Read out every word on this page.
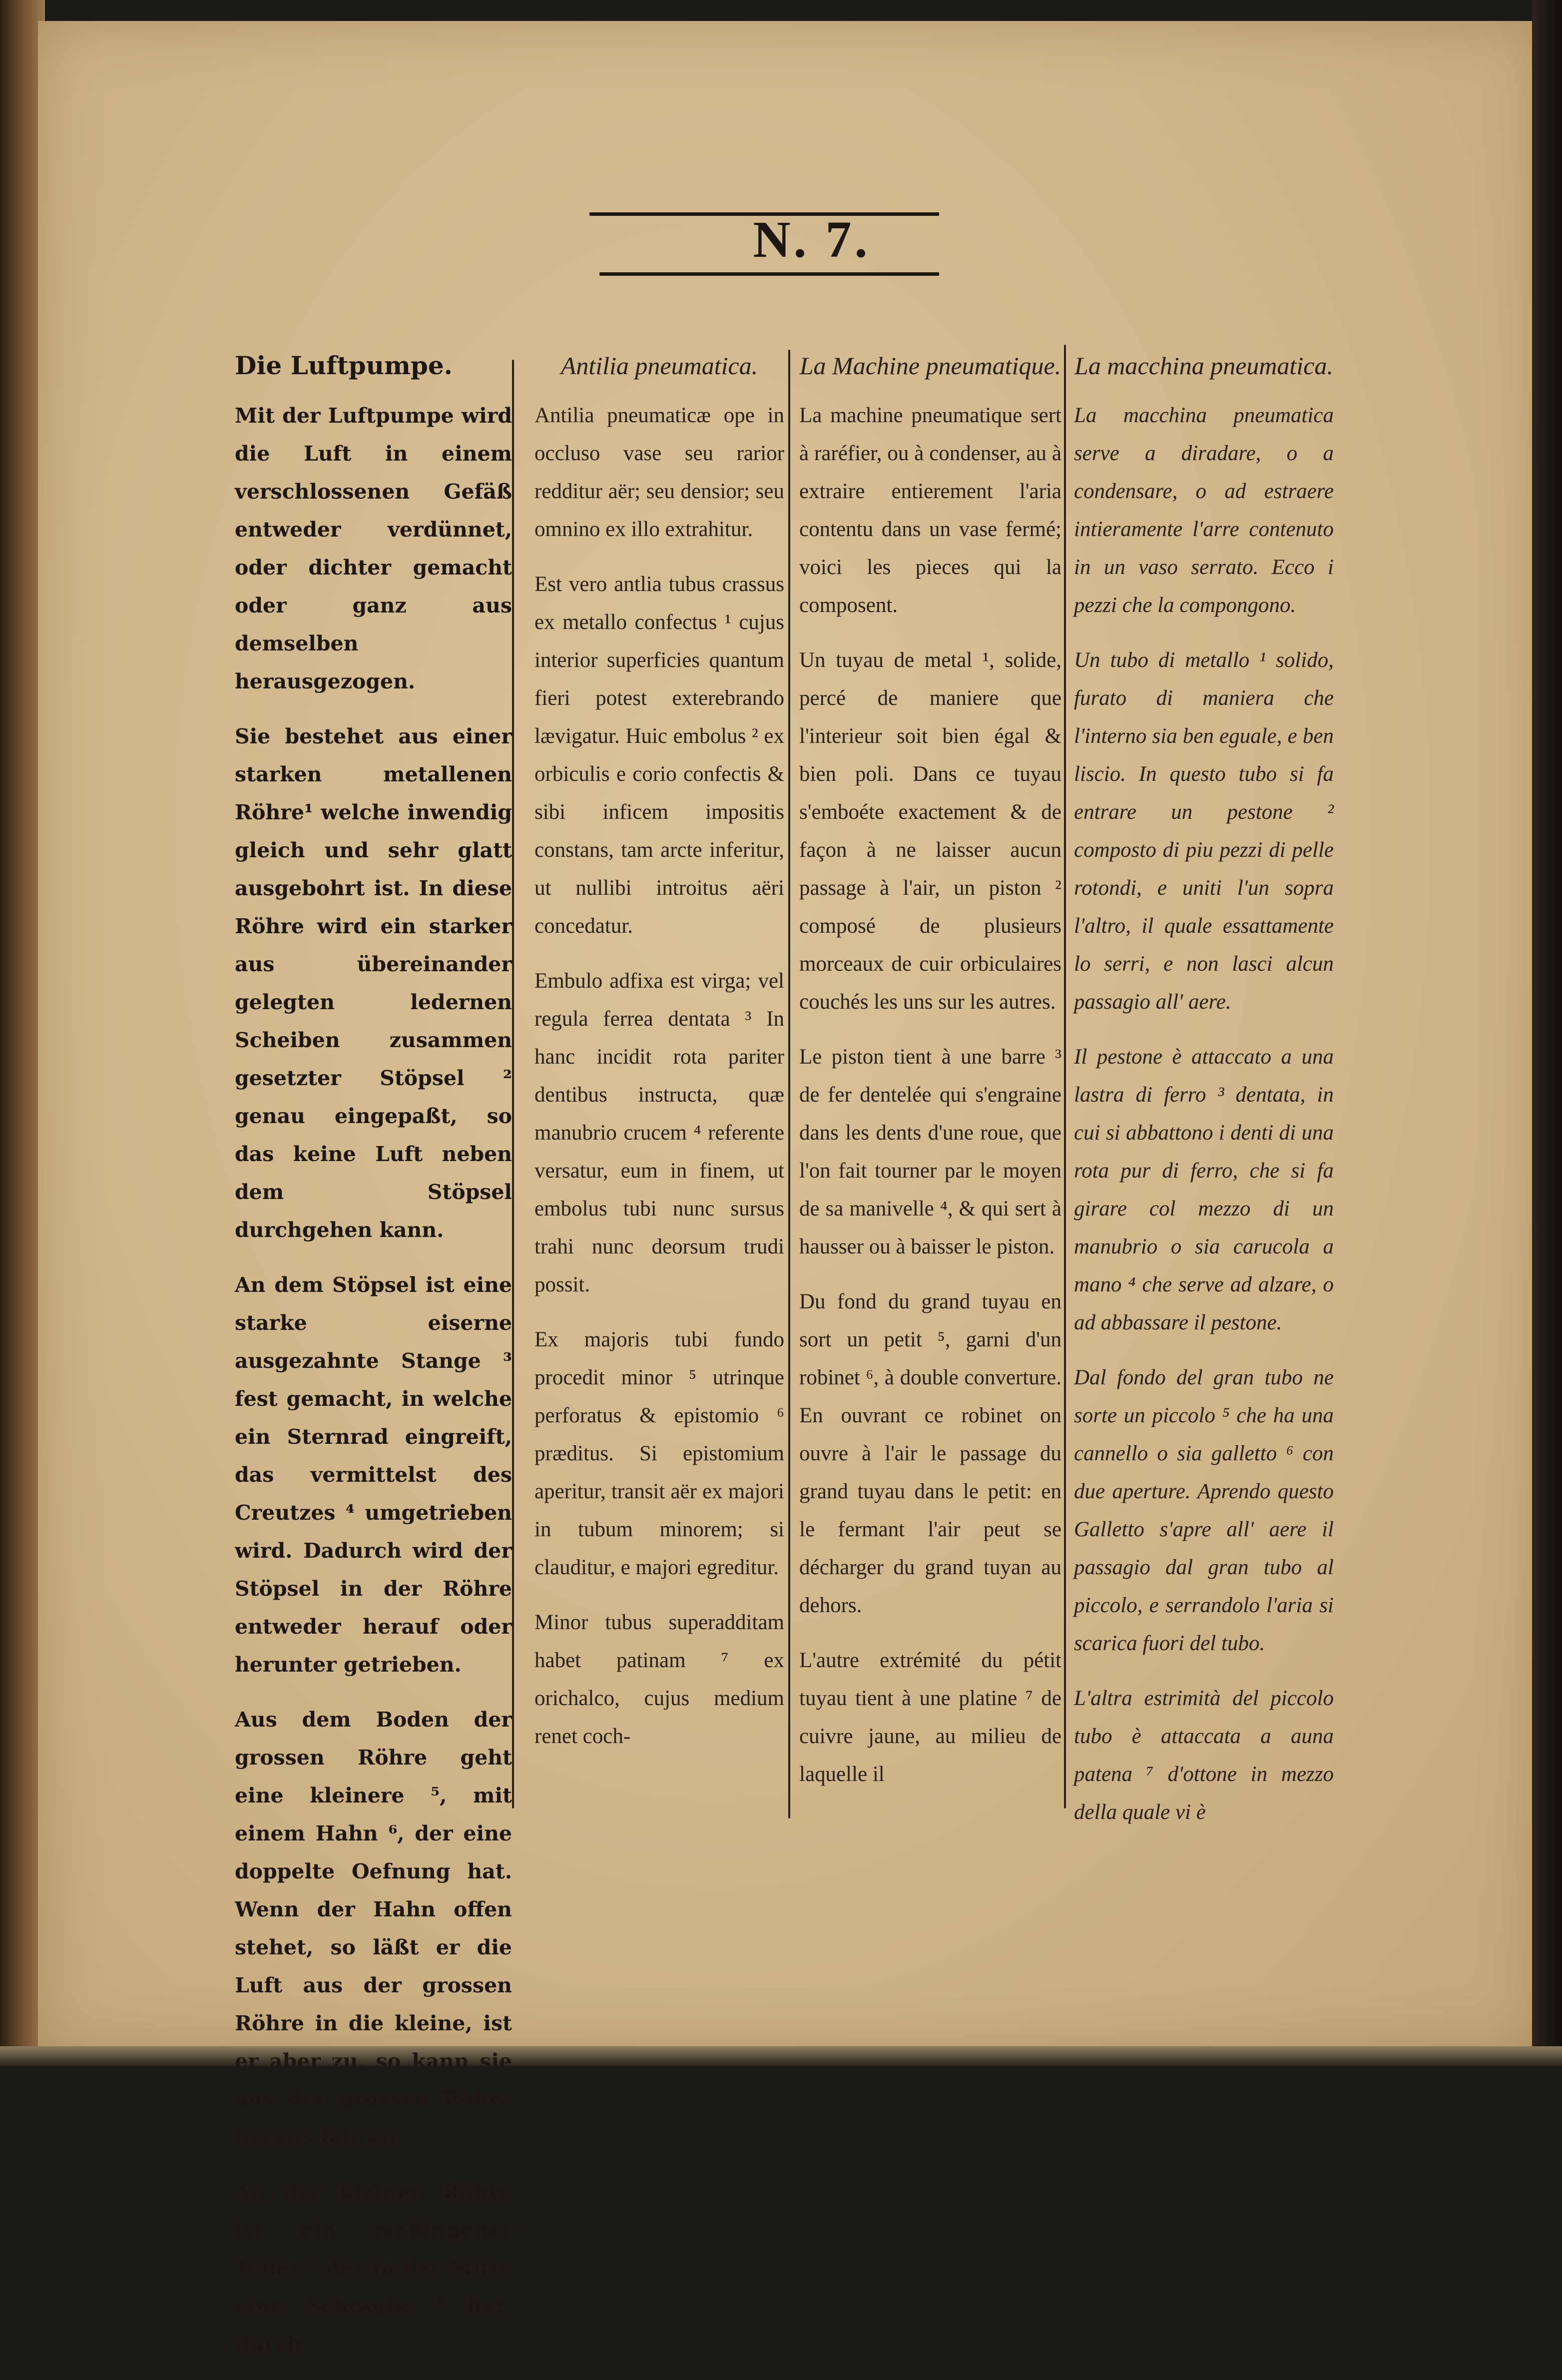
N. 7.
Die Luftpumpe.

Mit der Luftpumpe wird die Luft in einem verschlossenen Gefäß entweder verdünnet, oder dichter gemacht oder ganz aus demselben herausgezogen.

Sie bestehet aus einer starken metallenen Röhre¹ welche inwendig gleich und sehr glatt ausgebohrt ist. In diese Röhre wird ein starker aus übereinander gelegten ledernen Scheiben zusammen gesetzter Stöpsel ² genau eingepaßt, so das keine Luft neben dem Stöpsel durchgehen kann.

An dem Stöpsel ist eine starke eiserne ausgezahnte Stange ³ fest gemacht, in welche ein Sternrad eingreift, das vermittelst des Creutzes ⁴ umgetrieben wird. Dadurch wird der Stöpsel in der Röhre entweder herauf oder herunter getrieben.

Aus dem Boden der grossen Röhre geht eine kleinere ⁵, mit einem Hahn ⁶, der eine doppelte Oefnung hat. Wenn der Hahn offen stehet, so läßt er die Luft aus der grossen Röhre in die kleine, ist er aber zu, so kann sie aus der grossen Röhre heraus fahren

An der kleinen Röhre ist ein meßingener Teller ⁷ der in der Mitte eine Schraube ⁸ hat, durch

Antilia pneumatica.

Antilia pneumaticæ ope in occluso vase seu rarior redditur aër; seu densior; seu omnino ex illo extrahitur.

Est vero antlia tubus crassus ex metallo confectus ¹ cujus interior superficies quantum fieri potest exterebrando lævigatur. Huic embolus ² ex orbiculis e corio confectis & sibi inficem impositis constans, tam arcte inferitur, ut nullibi introitus aëri concedatur.

Embulo adfixa est virga; vel regula ferrea dentata ³ In hanc incidit rota pariter dentibus instructa, quæ manubrio crucem ⁴ referente versatur, eum in finem, ut embolus tubi nunc sursus trahi nunc deorsum trudi possit.

Ex majoris tubi fundo procedit minor ⁵ utrinque perforatus & epistomio ⁶ præditus. Si epistomium aperitur, transit aër ex majori in tubum minorem; si clauditur, e majori egreditur.

Minor tubus superadditam habet patinam ⁷ ex orichalco, cujus medium renet coch-

La Machine pneumatique.

La machine pneumatique sert à raréfier, ou à condenser, au à extraire entierement l'aria contentu dans un vase fermé; voici les pieces qui la composent.

Un tuyau de metal ¹, solide, percé de maniere que l'interieur soit bien égal & bien poli. Dans ce tuyau s'emboéte exactement & de façon à ne laisser aucun passage à l'air, un piston ² composé de plusieurs morceaux de cuir orbiculaires couchés les uns sur les autres.

Le piston tient à une barre ³ de fer dentelée qui s'engraine dans les dents d'une roue, que l'on fait tourner par le moyen de sa manivelle ⁴, & qui sert à hausser ou à baisser le piston.

Du fond du grand tuyau en sort un petit ⁵, garni d'un robinet ⁶, à double converture. En ouvrant ce robinet on ouvre à l'air le passage du grand tuyau dans le petit: en le fermant l'air peut se décharger du grand tuyan au dehors.

L'autre extrémité du pétit tuyau tient à une platine ⁷ de cuivre jaune, au milieu de laquelle il

La macchina pneumatica.

La macchina pneumatica serve a diradare, o a condensare, o ad estraere intieramente l'arre contenuto in un vaso serrato. Ecco i pezzi che la compongono.

Un tubo di metallo ¹ solido, furato di maniera che l'interno sia ben eguale, e ben liscio. In questo tubo si fa entrare un pestone ² composto di piu pezzi di pelle rotondi, e uniti l'un sopra l'altro, il quale essattamente lo serri, e non lasci alcun passagio all' aere.

Il pestone è attaccato a una lastra di ferro ³ dentata, in cui si abbattono i denti di una rota pur di ferro, che si fa girare col mezzo di un manubrio o sia carucola a mano ⁴ che serve ad alzare, o ad abbassare il pestone.

Dal fondo del gran tubo ne sorte un piccolo ⁵ che ha una cannello o sia galletto ⁶ con due aperture. Aprendo questo Galletto s'apre all' aere il passagio dal gran tubo al piccolo, e serrandolo l'aria si scarica fuori del tubo.

L'altra estrimità del piccolo tubo è attaccata a auna patena ⁷ d'ottone in mezzo della quale vi è
